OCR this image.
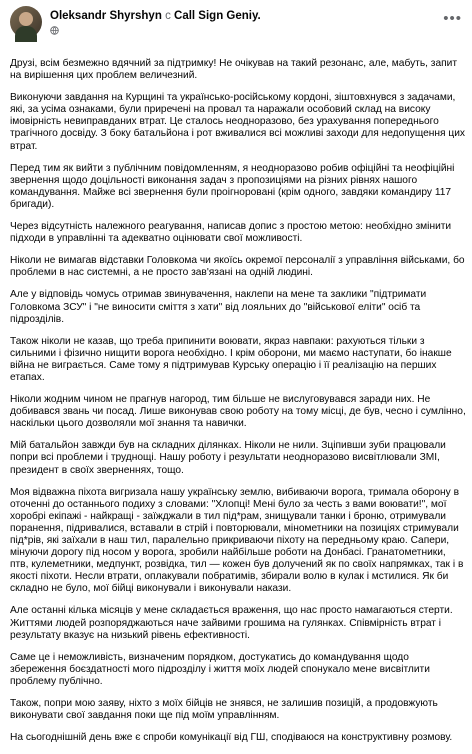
Oleksandr Shyrshyn с Call Sign Geniy.	•••

Друзі, всім безмежно вдячний за підтримку! Не очікував на такий резонанс, але, мабуть, запит на вирішення цих проблем величезний.

Виконуючи завдання на Курщині та українсько-російському кордоні, зіштовхнувся з задачами, які, за усіма ознаками, були приречені на провал та наражали особовий склад на високу імовірність невиправданих втрат. Це сталось неодноразово, без урахування попереднього трагічного досвіду. З боку батальйона і рот вживалися всі можливі заходи для недопущення цих втрат.

Перед тим як вийти з публічним повідомленням, я неодноразово робив офіційні та неофіційні звернення щодо доцільності виконання задач з пропозиціями на різних рівнях нашого командування. Майже всі звернення були проігноровані (крім одного, завдяки командиру 117 бригади).

Через відсутність належного реагування, написав допис з простою метою: необхідно змінити підходи в управлінні та адекватно оцінювати свої можливості.

Ніколи не вимагав відставки Головкома чи якоїсь окремої персоналії з управління військами, бо проблеми в нас системні, а не просто зав'язані на одній людині.

Але у відповідь чомусь отримав звинувачення, наклепи на мене та заклики "підтримати Головкома ЗСУ" і "не виносити сміття з хати" від лояльних до "військової еліти" осіб та підрозділів.

Також ніколи не казав, що треба припинити воювати, якраз навпаки: рахуються тільки з сильними і фізично нищити ворога необхідно. І крім оборони, ми маємо наступати, бо інакше війна не виграється. Саме тому я підтримував Курську операцію і її реалізацію на перших етапах.

Ніколи жодним чином не прагнув нагород, тим більше не вислуговувався заради них. Не добивався звань чи посад. Лише виконував свою роботу на тому місці, де був, чесно і сумлінно, наскільки цього дозволяли мої знання та навички.

Мій батальйон завжди був на складних ділянках. Ніколи не нили. Зціпивши зуби працювали попри всі проблеми і труднощі. Нашу роботу і результати неодноразово висвітлювали ЗМІ, президент в своїх зверненнях, тощо.

Моя відважна піхота вигризала нашу українську землю, вибиваючи ворога, тримала оборону в оточенні до останнього подиху з словами: "Хлопці! Мені було за честь з вами воювати!", мої хоробрі екіпажі - найкращі - заїжджали в тил під*рам, знищували танки і броню, отримували поранення, підривалися, вставали в стрій і повторювали, мінометники на позиціях стримували під*рів, які заїхали в наш тил, паралельно прикриваючи піхоту на передньому краю. Сапери, мінуючи дорогу під носом у ворога, зробили найбільше роботи на Донбасі. Гранатометники, птв, кулеметники, медпункт, розвідка, тил — кожен був долучений як по своїх напрямках, так і в якості піхоти. Несли втрати, оплакували побратимів, збирали волю в кулак і мстилися. Як би складно не було, мої бійці виконували і виконували накази.

Але останні кілька місяців у мене складається враження, що нас просто намагаються стерти. Життями людей розпоряджаються наче зайвими грошима на гулянках. Співмірність втрат і результату вказує на низький рівень ефективності.

Саме це і неможливість, визначеним порядком, достукатись до командування щодо збереження боєздатності мого підрозділу і життя моїх людей спонукало мене висвітлити проблему публічно.

Також, попри мою заяву, ніхто з моїх бійців не знявся, не залишив позицій, а продовжують виконувати свої завдання поки ще під моїм управлінням.

На сьогоднішній день вже є спроби комунікації від ГШ, сподіваюся на конструктивну розмову.
